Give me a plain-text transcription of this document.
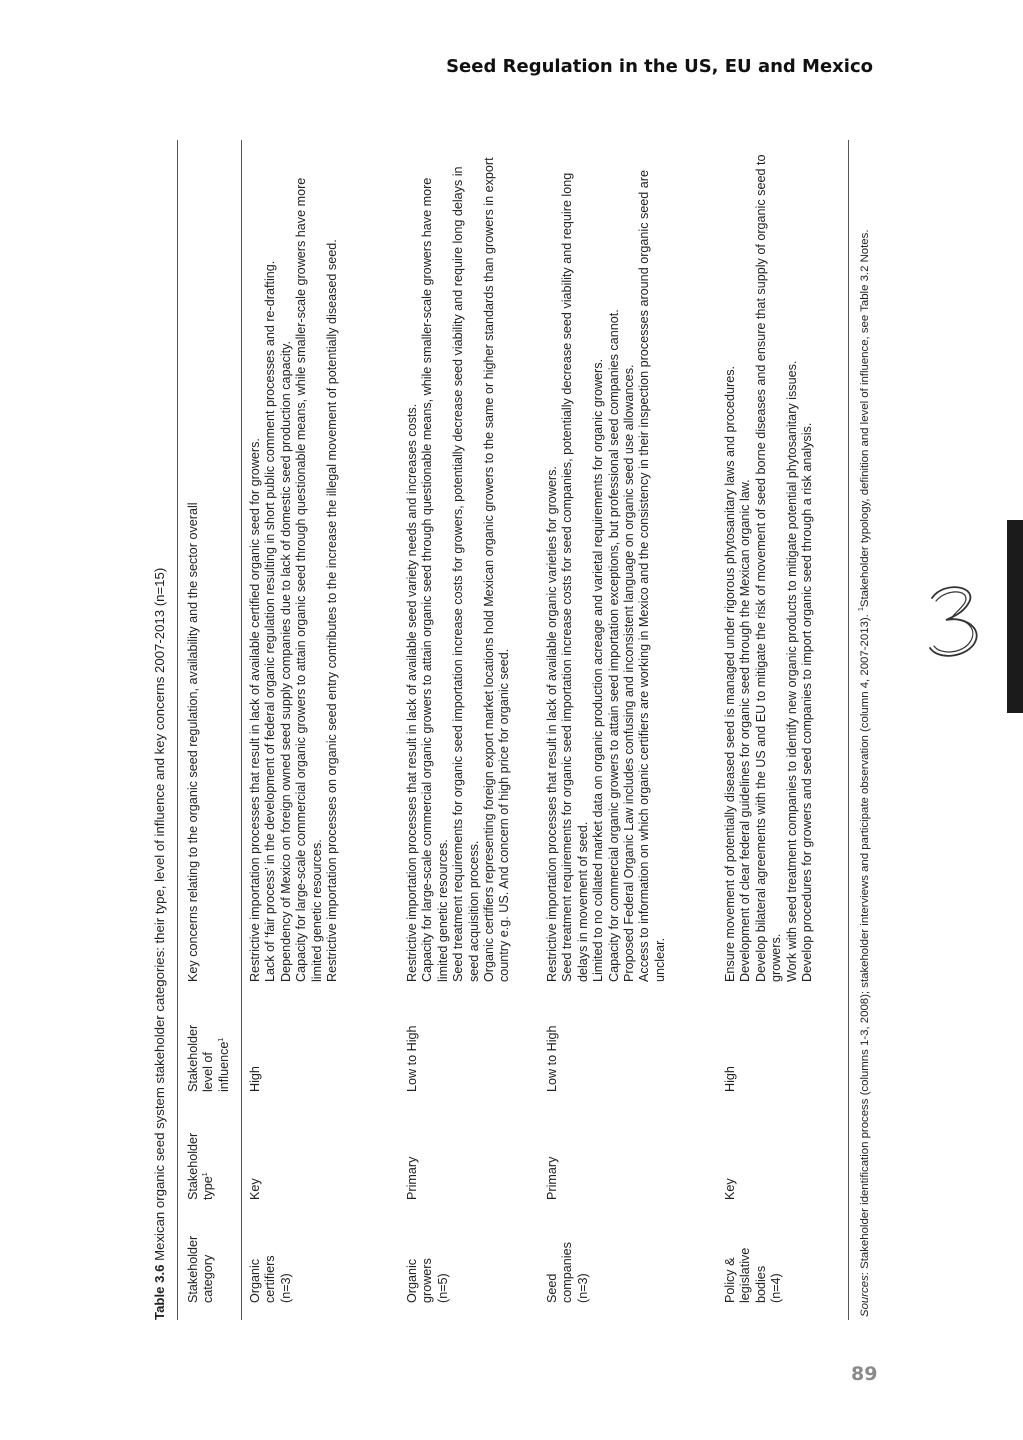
Seed Regulation in the US, EU and Mexico
89
Table 3.6 Mexican organic seed system stakeholder categories: their type, level of influence and key concerns 2007-2013 (n=15)
Stakeholder category
Stakeholder type$^1$
Stakeholder level of influence$^1$
Key concerns relating to the organic seed regulation, availability and the sector overall
Organic certifiers (n=3)
Key
High

Restrictive importation processes that result in lack of available certified organic seed for growers. Lack of ‘fair process’ in the development of federal organic regulation resulting in short public comment processes and re-drafting. Dependency of Mexico on foreign owned seed supply companies due to lack of domestic seed production capacity. Capacity for large-scale commercial organic growers to attain organic seed through questionable means, while smaller-scale growers have more limited genetic resources. Restrictive importation processes on organic seed entry contributes to the increase the illegal movement of potentially diseased seed.

Organic growers (n=5)
Primary
Low to High

Restrictive importation processes that result in lack of available seed variety needs and increases costs. Capacity for large-scale commercial organic growers to attain organic seed through questionable means, while smaller-scale growers have more limited genetic resources. Seed treatment requirements for organic seed importation increase costs for growers, potentially decrease seed viability and require long delays in seed acquisition process. Organic certifiers representing foreign export market locations hold Mexican organic growers to the same or higher standards than growers in export country e.g. US. And concern of high price for organic seed.

Seed companies (n=3)
Primary
Low to High

Restrictive importation processes that result in lack of available organic varieties for growers. Seed treatment requirements for organic seed importation increase costs for seed companies, potentially decrease seed viability and require long delays in movement of seed. Limited to no collated market data on organic production acreage and varietal requirements for organic growers. Capacity for commercial organic growers to attain seed importation exceptions, but professional seed companies cannot. Proposed Federal Organic Law includes confusing and inconsistent language on organic seed use allowances. Access to information on which organic certifiers are working in Mexico and the consistency in their inspection processes around organic seed are unclear.

Policy & legislative bodies (n=4)
Key
High

Ensure movement of potentially diseased seed is managed under rigorous phytosanitary laws and procedures. Development of clear federal guidelines for organic seed through the Mexican organic law. Develop bilateral agreements with the US and EU to mitigate the risk of movement of seed borne diseases and ensure that supply of organic seed to growers. Work with seed treatment companies to identify new organic products to mitigate potential phytosanitary issues. Develop procedures for growers and seed companies to import organic seed through a risk analysis.

Sources: Stakeholder identification process (columns 1-3, 2008); stakeholder interviews and participate observation (column 4, 2007-2013). $^1$Stakeholder typology, definition and level of influence, see Table 3.2 Notes.
